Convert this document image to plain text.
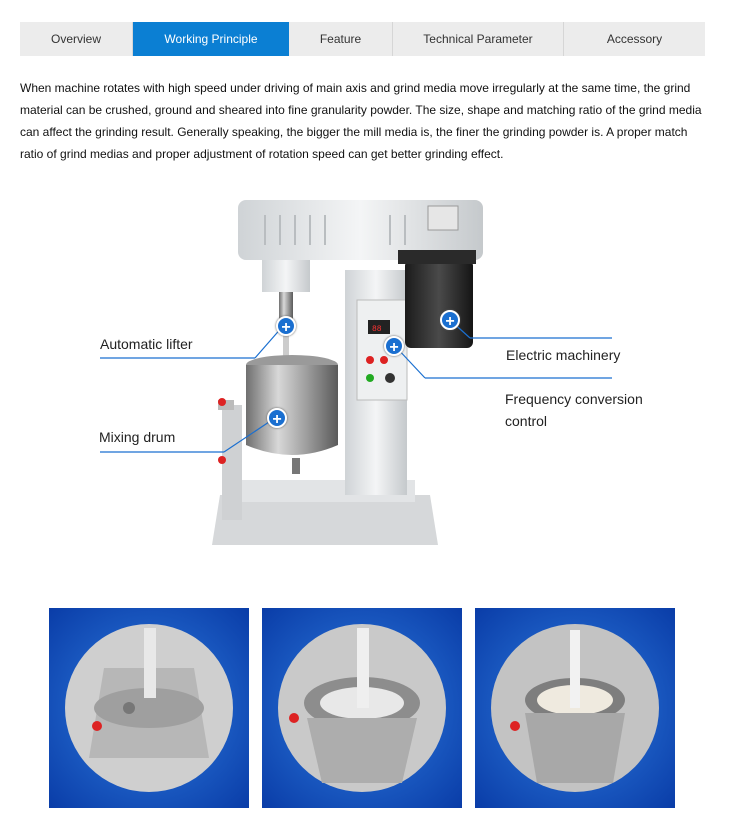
Overview	Working Principle	Feature	Technical Parameter	Accessory

When machine rotates with high speed under driving of main axis and grind media move irregularly at the same time, the grind material can be crushed, ground and sheared into fine granularity powder. The size, shape and matching ratio of the grind media can affect the grinding result. Generally speaking, the bigger the mill media is, the finer the grinding powder is. A proper match ratio of grind medias and proper adjustment of rotation speed can get better grinding effect.

88
Automatic lifter
Mixing drum
Electric machinery
Frequency conversion control
+
+
+
+
